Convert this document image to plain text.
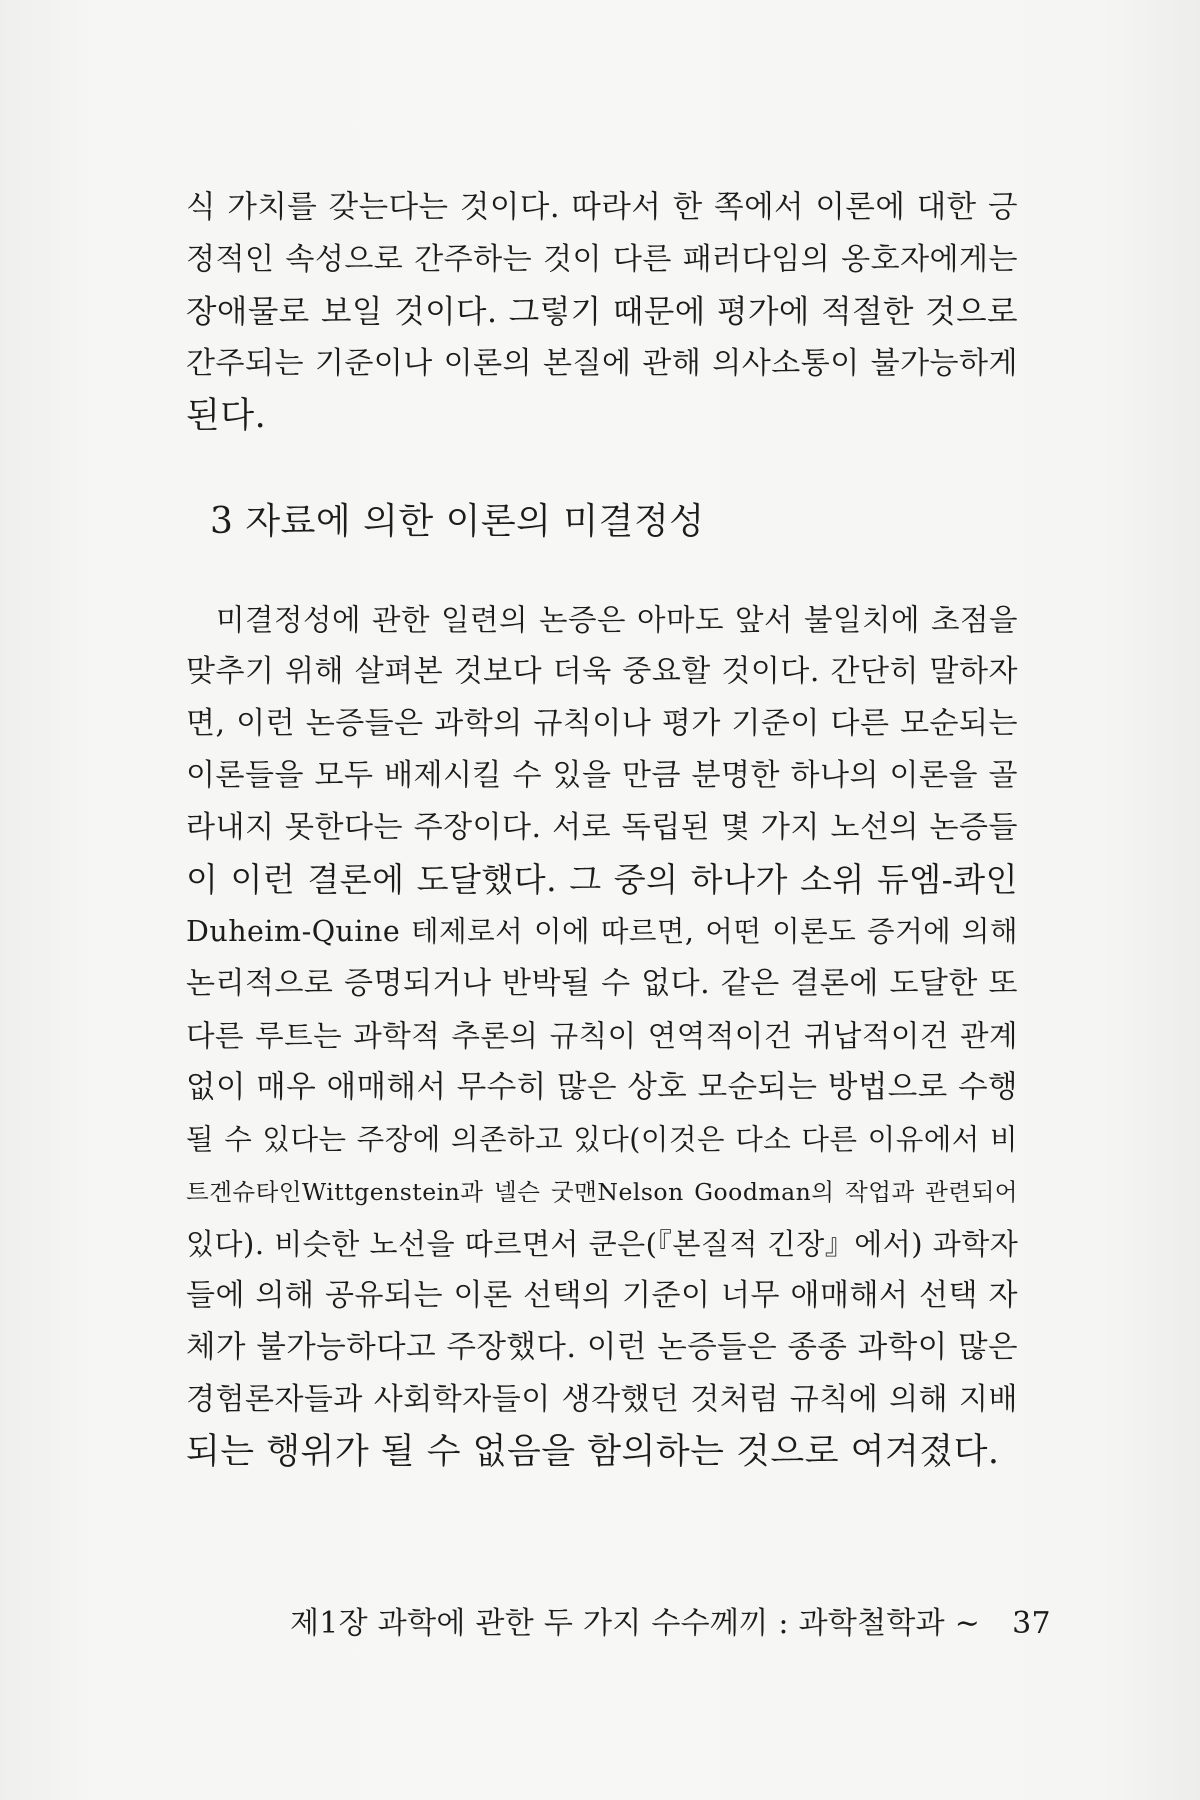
식 가치를 갖는다는 것이다. 따라서 한 쪽에서 이론에 대한 긍
정적인 속성으로 간주하는 것이 다른 패러다임의 옹호자에게는
장애물로 보일 것이다. 그렇기 때문에 평가에 적절한 것으로
간주되는 기준이나 이론의 본질에 관해 의사소통이 불가능하게
된다.
3 자료에 의한 이론의 미결정성
미결정성에 관한 일련의 논증은 아마도 앞서 불일치에 초점을
맞추기 위해 살펴본 것보다 더욱 중요할 것이다. 간단히 말하자
면, 이런 논증들은 과학의 규칙이나 평가 기준이 다른 모순되는
이론들을 모두 배제시킬 수 있을 만큼 분명한 하나의 이론을 골
라내지 못한다는 주장이다. 서로 독립된 몇 가지 노선의 논증들
이 이런 결론에 도달했다. 그 중의 하나가 소위 듀엠-콰인
Duheim-Quine 테제로서 이에 따르면, 어떤 이론도 증거에 의해
논리적으로 증명되거나 반박될 수 없다. 같은 결론에 도달한 또
다른 루트는 과학적 추론의 규칙이 연역적이건 귀납적이건 관계
없이 매우 애매해서 무수히 많은 상호 모순되는 방법으로 수행
될 수 있다는 주장에 의존하고 있다(이것은 다소 다른 이유에서 비
트겐슈타인Wittgenstein과 넬슨 굿맨Nelson Goodman의 작업과 관련되어
있다). 비슷한 노선을 따르면서 쿤은(『본질적 긴장』에서) 과학자
들에 의해 공유되는 이론 선택의 기준이 너무 애매해서 선택 자
체가 불가능하다고 주장했다. 이런 논증들은 종종 과학이 많은
경험론자들과 사회학자들이 생각했던 것처럼 규칙에 의해 지배
되는 행위가 될 수 없음을 함의하는 것으로 여겨졌다.
제1장 과학에 관한 두 가지 수수께끼 : 과학철학과 ∼ 37
